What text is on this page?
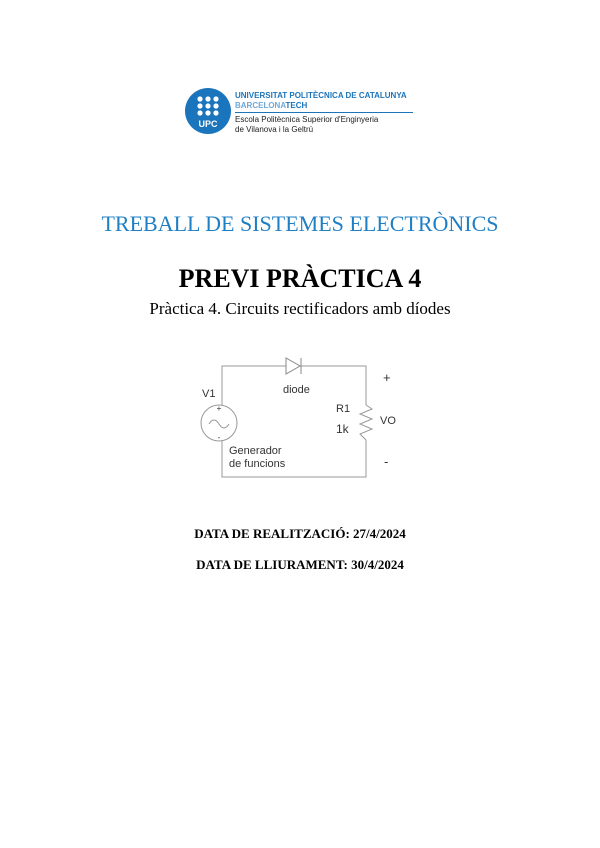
UPC
UNIVERSITAT POLITÈCNICA DE CATALUNYA
BARCELONATECH
Escola Politècnica Superior d'Enginyeria
de Vilanova i la Geltrú
TREBALL DE SISTEMES ELECTRÒNICS
PREVI PRÀCTICA 4
Pràctica 4. Circuits rectificadors amb díodes
V1
+
-
diode
R1
1k
VO
+
-
Generador
de funcions
DATA DE REALITZACIÓ: 27/4/2024
DATA DE LLIURAMENT: 30/4/2024
